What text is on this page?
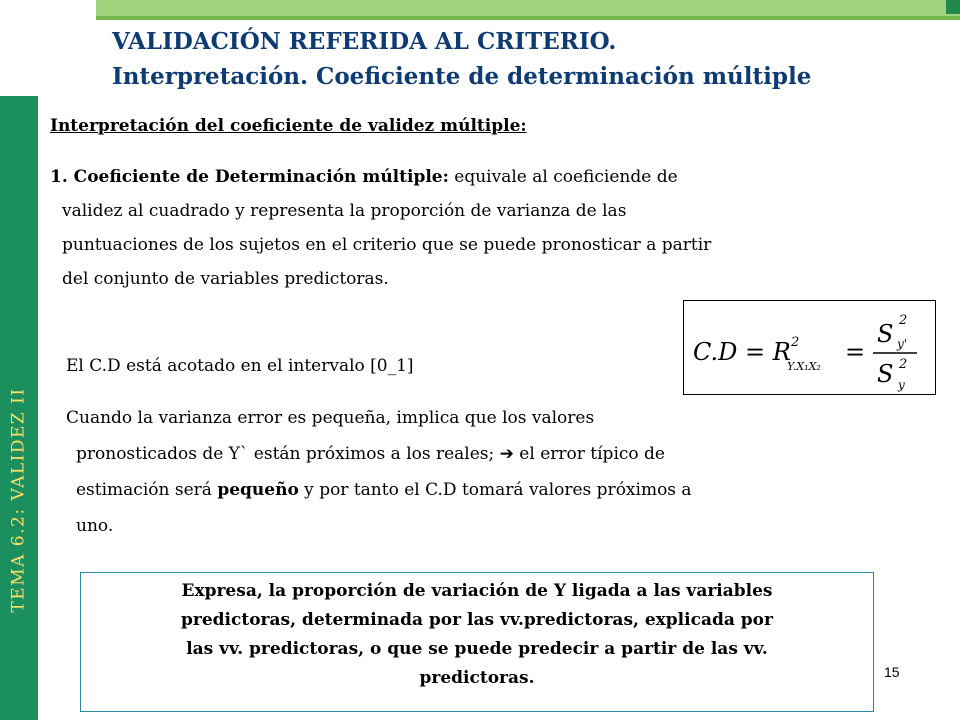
TEMA 6.2: VALIDEZ II
VALIDACIÓN REFERIDA AL CRITERIO.
Interpretación. Coeficiente de determinación múltiple
Interpretación del coeficiente de validez múltiple:
1. Coeficiente de Determinación múltiple: equivale al coeficiende de
validez al cuadrado y representa la proporción de varianza de las
puntuaciones de los sujetos en el criterio que se puede pronosticar a partir
del conjunto de variables predictoras.
C.D = R 2
Y.X₁X₂
=
S 2
y'
S 2
y
El C.D está acotado en el intervalo [0_1]
Cuando la varianza error es pequeña, implica que los valores
pronosticados de Y` están próximos a los reales; ➔ el error típico de
estimación será pequeño y por tanto el C.D tomará valores próximos a
uno.
Expresa, la proporción de variación de Y ligada a las variables
predictoras, determinada por las vv.predictoras, explicada por
las vv. predictoras, o que se puede predecir a partir de las vv.
predictoras.	15
